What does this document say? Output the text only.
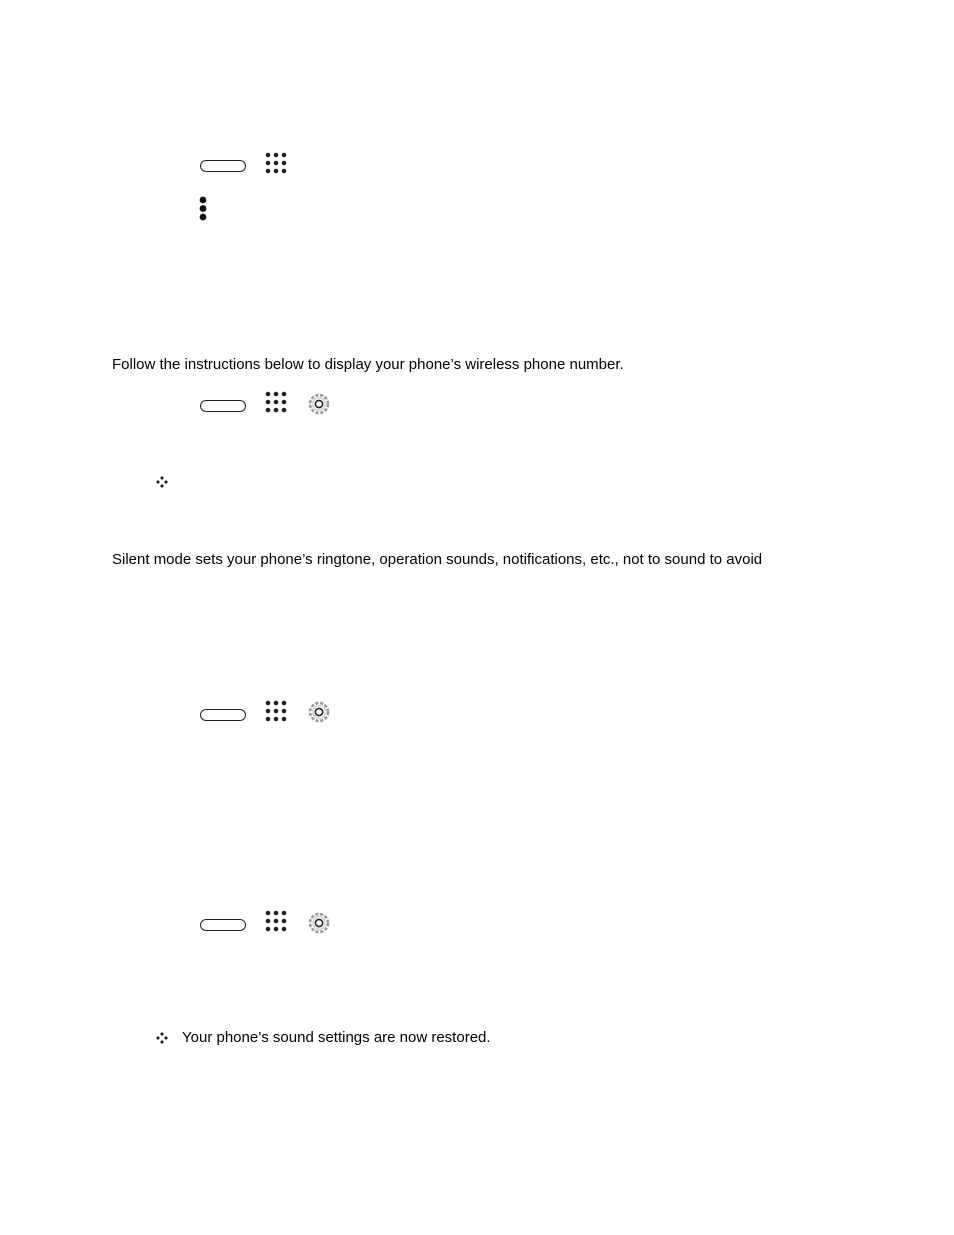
Follow the instructions below to display your phone’s wireless phone number.
Silent mode sets your phone’s ringtone, operation sounds, notifications, etc., not to sound to avoid
Your phone’s sound settings are now restored.
